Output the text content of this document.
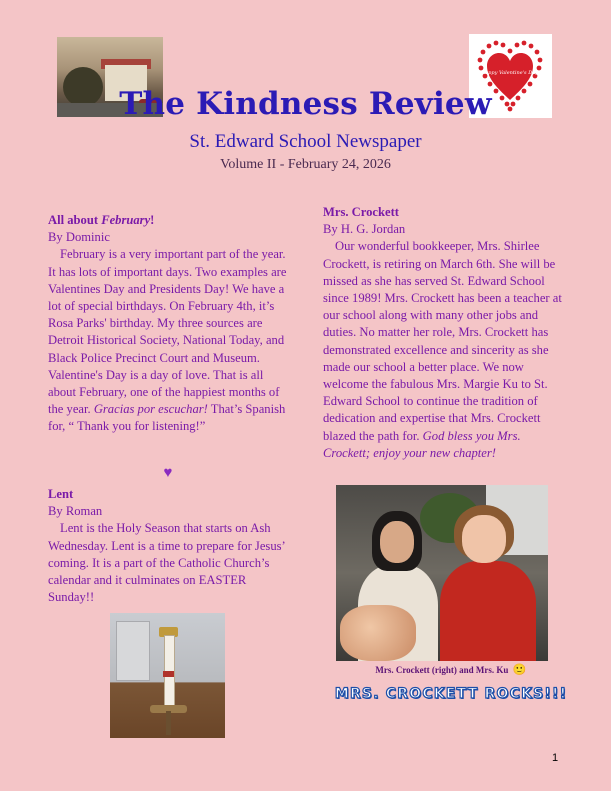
happy Valentine's Day
The Kindness Review
St. Edward School Newspaper
Volume II - February 24, 2026

All about February!

By Dominic

February is a very important part of the year. It has lots of important days. Two examples are Valentines Day and Presidents Day! We have a lot of special birthdays. On February 4th, it’s Rosa Parks' birthday. My three sources are Detroit Historical Society, National Today, and Black Police Precinct Court and Museum. Valentine's Day is a day of love. That is all about February, one of the happiest months of the year. Gracias por escuchar! That’s Spanish for, “ Thank you for listening!”

♥

Lent

By Roman

Lent is the Holy Season that starts on Ash Wednesday. Lent is a time to prepare for Jesus’ coming. It is a part of the Catholic Church’s calendar and it culminates on EASTER Sunday!!

Mrs. Crockett

By H. G. Jordan

Our wonderful bookkeeper, Mrs. Shirlee Crockett, is retiring on March 6th. She will be missed as she has served St. Edward School since 1989! Mrs. Crockett has been a teacher at our school along with many other jobs and duties. No matter her role, Mrs. Crockett has demonstrated excellence and sincerity as she made our school a better place. We now welcome the fabulous Mrs. Margie Ku to St. Edward School to continue the tradition of dedication and expertise that Mrs. Crockett blazed the path for. God bless you Mrs. Crockett; enjoy your new chapter!

Mrs. Crockett (right) and Mrs. Ku 🙂
MRS. CROCKETT ROCKS!!!
1
